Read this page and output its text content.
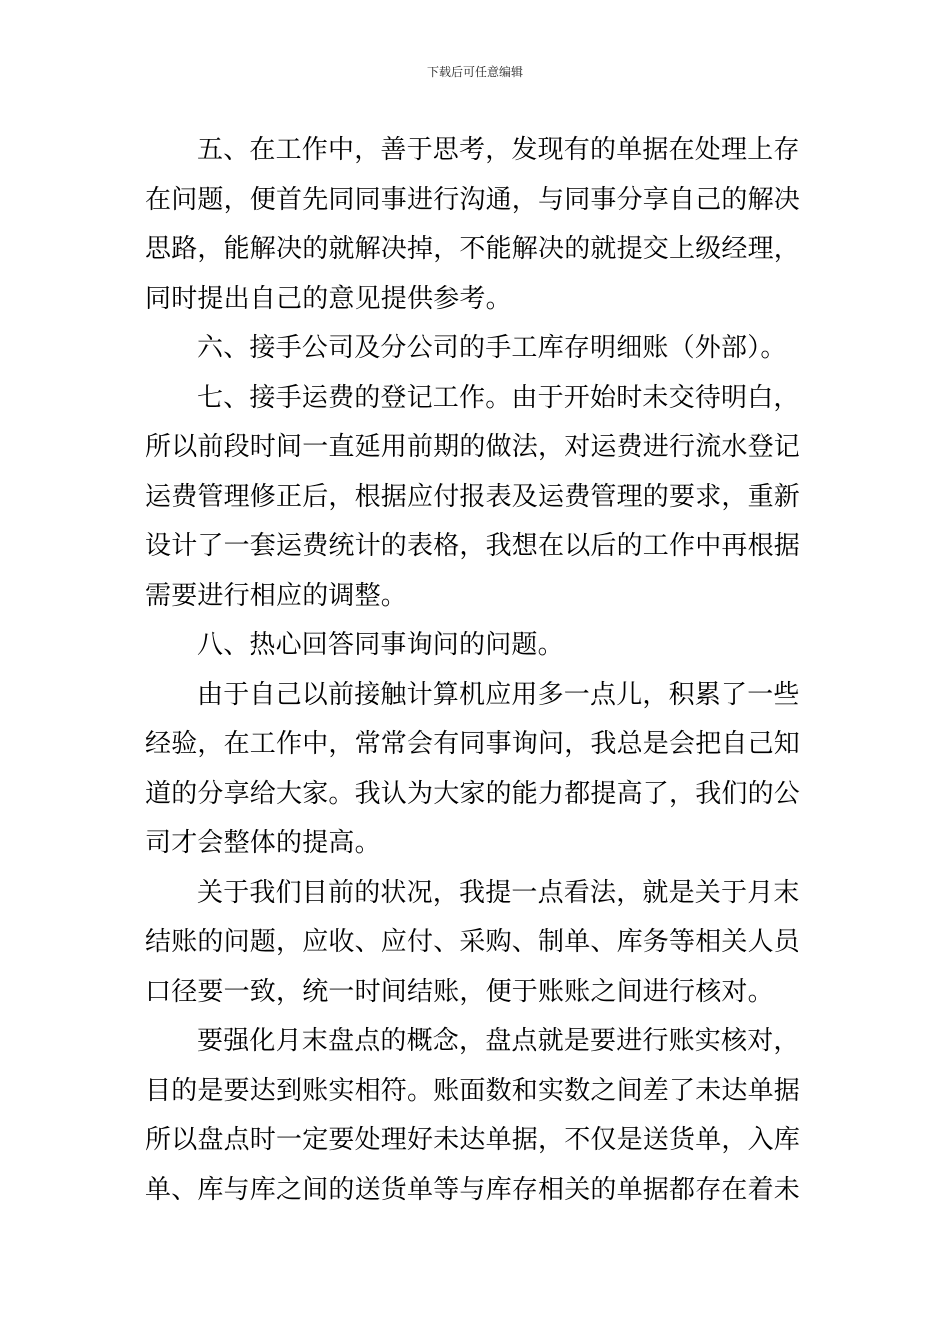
下载后可任意编辑
五、在工作中，善于思考，发现有的单据在处理上存
在问题，便首先同同事进行沟通，与同事分享自己的解决
思路，能解决的就解决掉，不能解决的就提交上级经理，
同时提出自己的意见提供参考。
六、接手公司及分公司的手工库存明细账（外部）。
七、接手运费的登记工作。由于开始时未交待明白，
所以前段时间一直延用前期的做法，对运费进行流水登记
运费管理修正后，根据应付报表及运费管理的要求，重新
设计了一套运费统计的表格，我想在以后的工作中再根据
需要进行相应的调整。
八、热心回答同事询问的问题。
由于自己以前接触计算机应用多一点儿，积累了一些
经验，在工作中，常常会有同事询问，我总是会把自己知
道的分享给大家。我认为大家的能力都提高了，我们的公
司才会整体的提高。
关于我们目前的状况，我提一点看法，就是关于月末
结账的问题，应收、应付、采购、制单、库务等相关人员
口径要一致，统一时间结账，便于账账之间进行核对。
要强化月末盘点的概念，盘点就是要进行账实核对，
目的是要达到账实相符。账面数和实数之间差了未达单据
所以盘点时一定要处理好未达单据，不仅是送货单，入库
单、库与库之间的送货单等与库存相关的单据都存在着未
